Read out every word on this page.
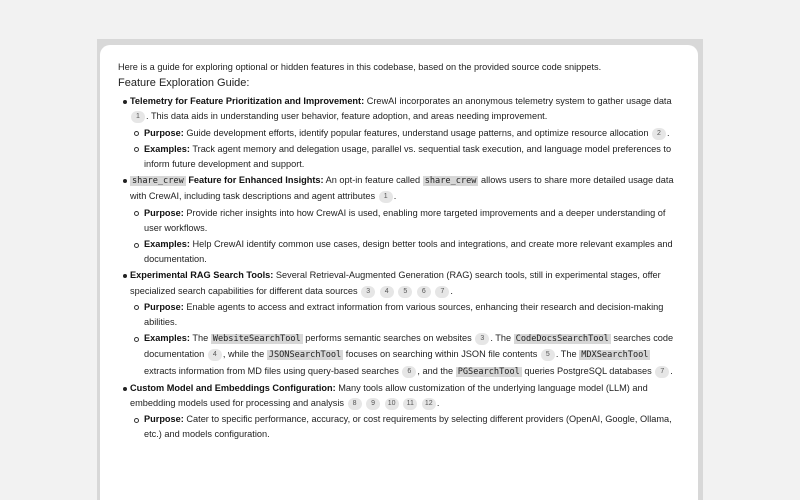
Here is a guide for exploring optional or hidden features in this codebase, based on the provided source code snippets.

Feature Exploration Guide:
Telemetry for Feature Prioritization and Improvement: CrewAI incorporates an anonymous telemetry system to gather usage data 1 . This data aids in understanding user behavior, feature adoption, and areas needing improvement.
Purpose: Guide development efforts, identify popular features, understand usage patterns, and optimize resource allocation 2 .
Examples: Track agent memory and delegation usage, parallel vs. sequential task execution, and language model preferences to inform future development and support.
share_crew Feature for Enhanced Insights: An opt-in feature called share_crew allows users to share more detailed usage data with CrewAI, including task descriptions and agent attributes 1 .
Purpose: Provide richer insights into how CrewAI is used, enabling more targeted improvements and a deeper understanding of user workflows.
Examples: Help CrewAI identify common use cases, design better tools and integrations, and create more relevant examples and documentation.
Experimental RAG Search Tools: Several Retrieval-Augmented Generation (RAG) search tools, still in experimental stages, offer specialized search capabilities for different data sources 3 4 5 6 7 .
Purpose: Enable agents to access and extract information from various sources, enhancing their research and decision-making abilities.
Examples: The WebsiteSearchTool performs semantic searches on websites 3 . The CodeDocsSearchTool searches code documentation 4 , while the JSONSearchTool focuses on searching within JSON file contents 5 . The MDXSearchTool extracts information from MD files using query-based searches 6 , and the PGSearchTool queries PostgreSQL databases 7 .
Custom Model and Embeddings Configuration: Many tools allow customization of the underlying language model (LLM) and embedding models used for processing and analysis 8 9 10 11 12 .
Purpose: Cater to specific performance, accuracy, or cost requirements by selecting different providers (OpenAI, Google, Ollama, etc.) and models configuration.
